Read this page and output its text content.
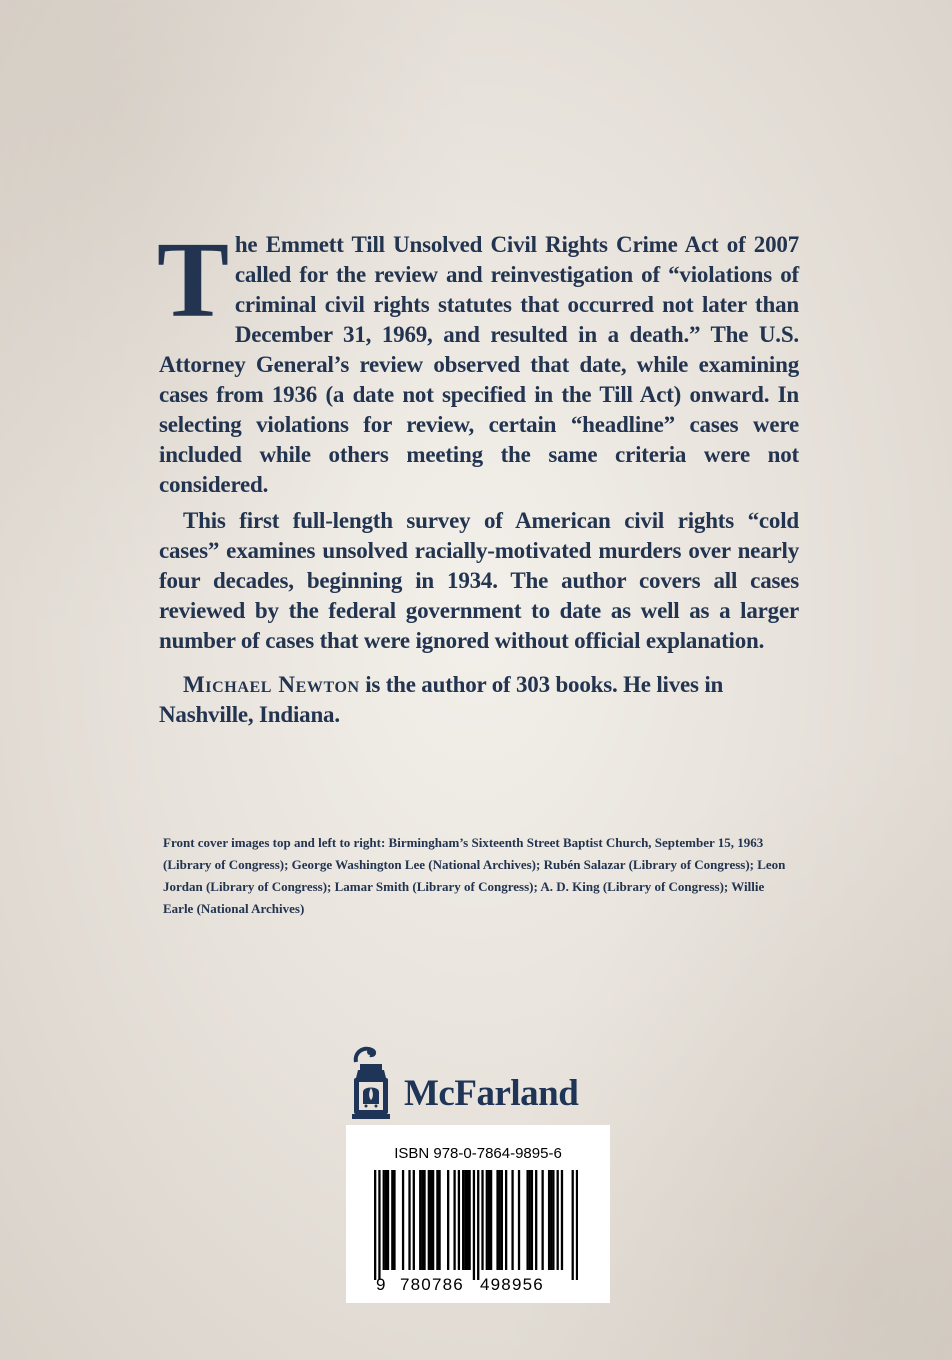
The Emmett Till Unsolved Civil Rights Crime Act of 2007 called for the review and reinvestigation of “violations of criminal civil rights statutes that occurred not later than December 31, 1969, and resulted in a death.” The U.S. Attorney General’s review observed that date, while examining cases from 1936 (a date not specified in the Till Act) onward. In selecting violations for review, certain “headline” cases were included while others meeting the same criteria were not considered.

This first full-length survey of American civil rights “cold cases” examines unsolved racially-motivated murders over nearly four decades, beginning in 1934. The author covers all cases reviewed by the federal government to date as well as a larger number of cases that were ignored without official explanation.

Michael Newton is the author of 303 books. He lives in Nashville, Indiana.

Front cover images top and left to right: Birmingham’s Sixteenth Street Baptist Church, September 15, 1963 (Library of Congress); George Washington Lee (National Archives); Rubén Salazar (Library of Congress); Leon Jordan (Library of Congress); Lamar Smith (Library of Congress); A. D. King (Library of Congress); Willie Earle (National Archives)
McFarland
ISBN 978-0-7864-9895-6
9 780786 498956
